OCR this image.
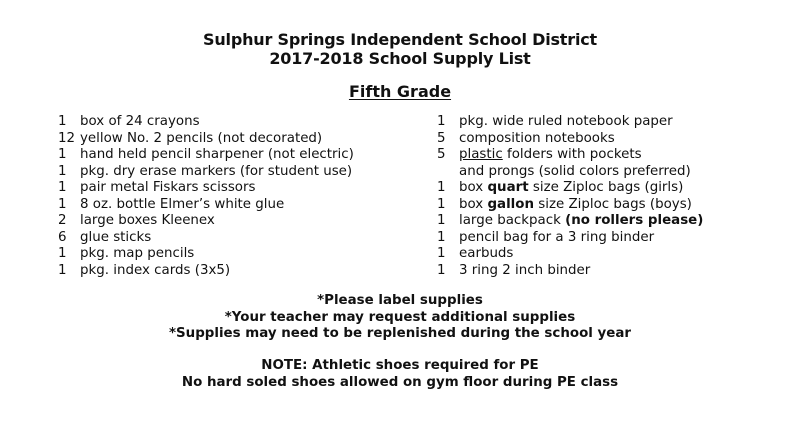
Sulphur Springs Independent School District
2017-2018 School Supply List
Fifth Grade
1	box of 24 crayons
12 yellow No. 2 pencils (not decorated)
1	hand held pencil sharpener (not electric)
1	pkg. dry erase markers (for student use)
1	pair metal Fiskars scissors
1	8 oz. bottle Elmer’s white glue
2	large boxes Kleenex
6	glue sticks
1	pkg. map pencils
1	pkg. index cards (3x5)
1	pkg. wide ruled notebook paper
5	composition notebooks
5	plastic folders with pockets
and prongs (solid colors preferred)
1	box quart size Ziploc bags (girls)
1	box gallon size Ziploc bags (boys)
1	large backpack (no rollers please)
1	pencil bag for a 3 ring binder
1	earbuds
1	3 ring 2 inch binder
*Please label supplies
*Your teacher may request additional supplies
*Supplies may need to be replenished during the school year
NOTE: Athletic shoes required for PE
No hard soled shoes allowed on gym floor during PE class
